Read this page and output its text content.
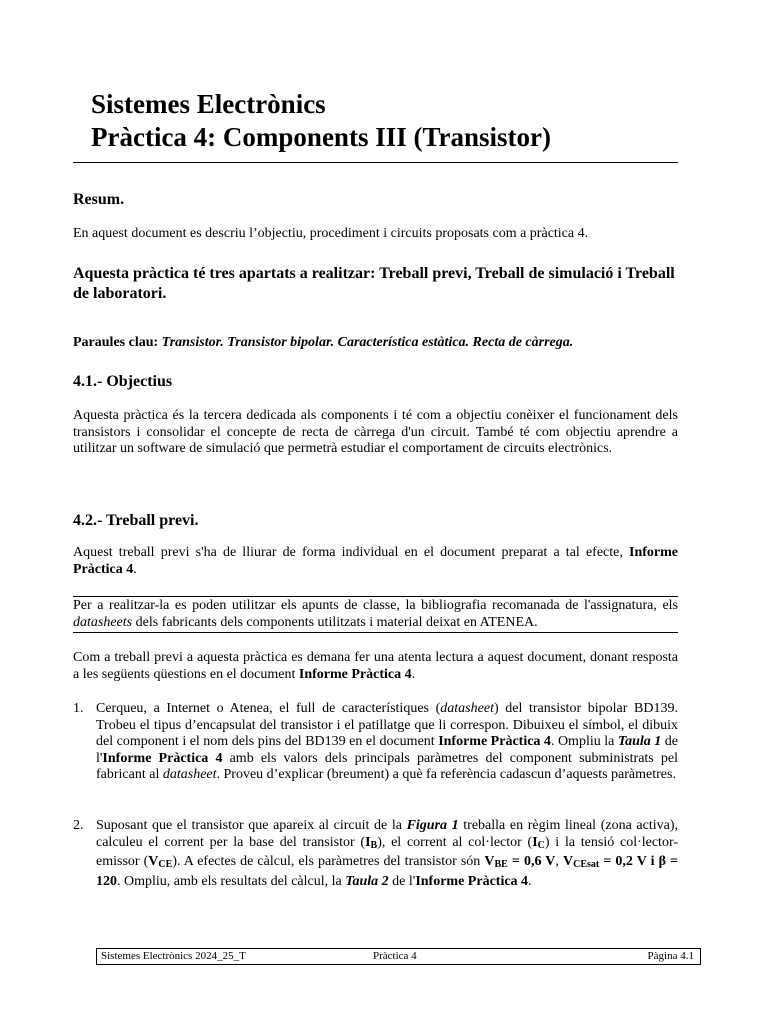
Sistemes Electrònics

Pràctica 4: Components III (Transistor)

Resum.

En aquest document es descriu l’objectiu, procediment i circuits proposats com a pràctica 4.

Aquesta pràctica té tres apartats a realitzar: Treball previ, Treball de simulació i Treball de laboratori.
Paraules clau: Transistor. Transistor bipolar. Característica estàtica. Recta de càrrega.
4.1.- Objectius

Aquesta pràctica és la tercera dedicada als components i té com a objectiu conèixer el funcionament dels transistors i consolidar el concepte de recta de càrrega d'un circuit. També té com objectiu aprendre a utilitzar un software de simulació que permetrà estudiar el comportament de circuits electrònics.

4.2.- Treball previ.

Aquest treball previ s'ha de lliurar de forma individual en el document preparat a tal efecte, Informe Pràctica 4.

Per a realitzar-la es poden utilitzar els apunts de classe, la bibliografia recomanada de l'assignatura, els datasheets dels fabricants dels components utilitzats i material deixat en ATENEA.

Com a treball previ a aquesta pràctica es demana fer una atenta lectura a aquest document, donant resposta a les següents qüestions en el document Informe Pràctica 4.

1. Cerqueu, a Internet o Atenea, el full de característiques (datasheet) del transistor bipolar BD139. Trobeu el tipus d’encapsulat del transistor i el patillatge que li correspon. Dibuixeu el símbol, el dibuix del component i el nom dels pins del BD139 en el document Informe Pràctica 4. Ompliu la Taula 1 de l'Informe Pràctica 4 amb els valors dels principals paràmetres del component subministrats pel fabricant al datasheet. Proveu d’explicar (breument) a què fa referència cadascun d’aquests paràmetres.

2. Suposant que el transistor que apareix al circuit de la Figura 1 treballa en règim lineal (zona activa), calculeu el corrent per la base del transistor $(I_B)$, el corrent al col·lector $(I_C)$ i la tensió col·lector-emissor $(V_{CE})$. A efectes de càlcul, els paràmetres del transistor són $V_{BE} = 0,6$ V, $V_{CEsat} = 0,2$ V i β = 120. Ompliu, amb els resultats del càlcul, la Taula 2 de l'Informe Pràctica 4.

Sistemes Electrònics 2024_25_T	Pràctica 4	Pàgina 4.1
